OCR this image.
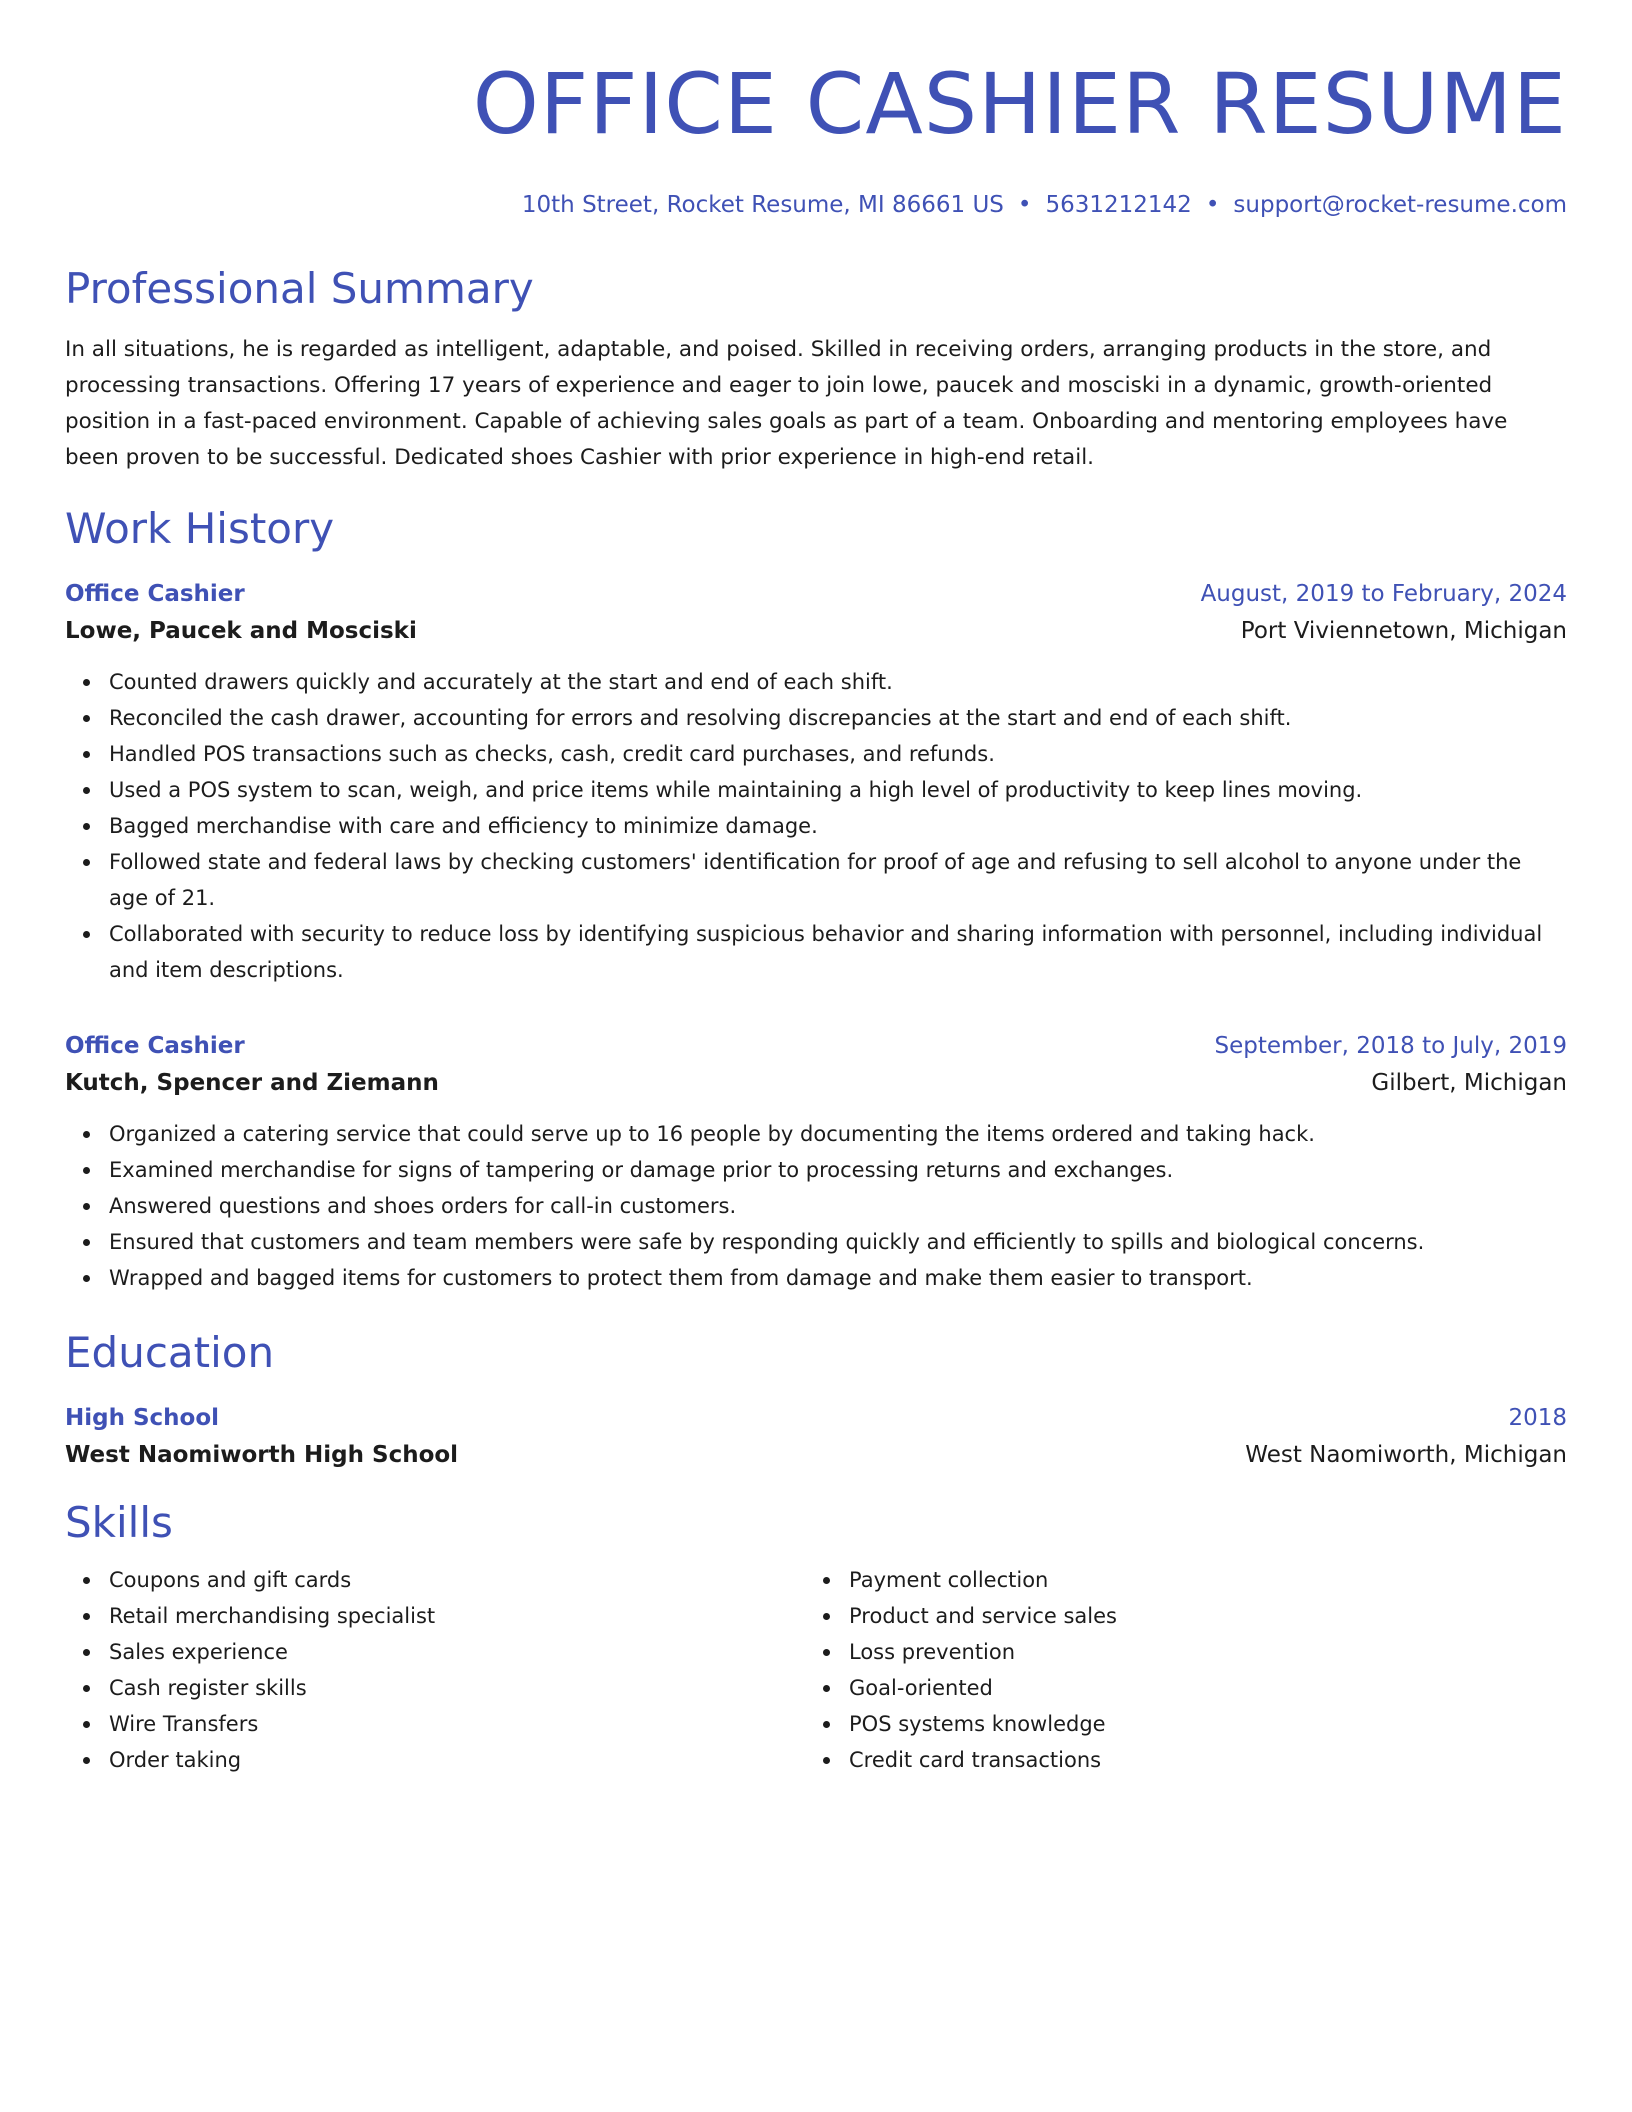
OFFICE CASHIER RESUME
10th Street, Rocket Resume, MI 86661 US • 5631212142 • support@rocket-resume.com
Professional Summary
In all situations, he is regarded as intelligent, adaptable, and poised. Skilled in receiving orders, arranging products in the store, and processing transactions. Offering 17 years of experience and eager to join lowe, paucek and mosciski in a dynamic, growth-oriented position in a fast-paced environment. Capable of achieving sales goals as part of a team. Onboarding and mentoring employees have been proven to be successful. Dedicated shoes Cashier with prior experience in high-end retail.
Work History
Office Cashier	August, 2019 to February, 2024
Lowe, Paucek and Mosciski	Port Viviennetown, Michigan
Counted drawers quickly and accurately at the start and end of each shift.
Reconciled the cash drawer, accounting for errors and resolving discrepancies at the start and end of each shift.
Handled POS transactions such as checks, cash, credit card purchases, and refunds.
Used a POS system to scan, weigh, and price items while maintaining a high level of productivity to keep lines moving.
Bagged merchandise with care and efficiency to minimize damage.
Followed state and federal laws by checking customers' identification for proof of age and refusing to sell alcohol to anyone under the age of 21.
Collaborated with security to reduce loss by identifying suspicious behavior and sharing information with personnel, including individual and item descriptions.
Office Cashier	September, 2018 to July, 2019
Kutch, Spencer and Ziemann	Gilbert, Michigan
Organized a catering service that could serve up to 16 people by documenting the items ordered and taking hack.
Examined merchandise for signs of tampering or damage prior to processing returns and exchanges.
Answered questions and shoes orders for call-in customers.
Ensured that customers and team members were safe by responding quickly and efficiently to spills and biological concerns.
Wrapped and bagged items for customers to protect them from damage and make them easier to transport.
Education
High School	2018
West Naomiworth High School	West Naomiworth, Michigan
Skills
Coupons and gift cards
Retail merchandising specialist
Sales experience
Cash register skills
Wire Transfers
Order taking
Payment collection
Product and service sales
Loss prevention
Goal-oriented
POS systems knowledge
Credit card transactions
